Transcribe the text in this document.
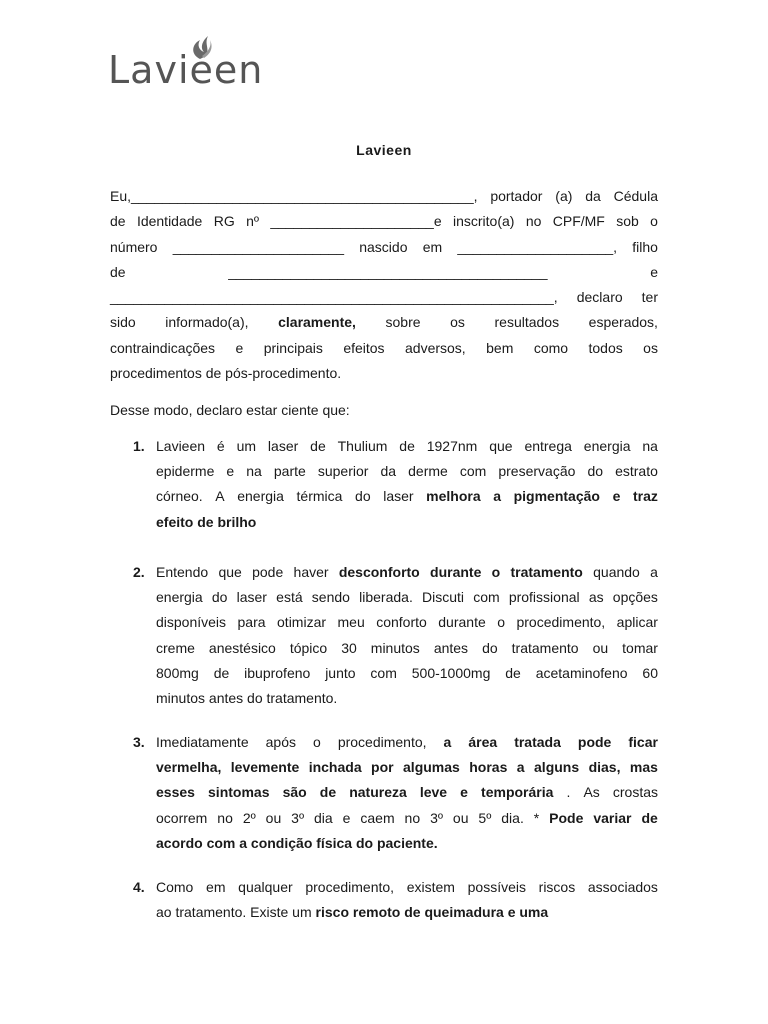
Lavieen
Lavieen
Eu,____________________________________________, portador (a) da Cédula
de Identidade RG nº _____________________e inscrito(a) no CPF/MF sob o
número ______________________ nascido em ____________________, filho
de	_________________________________________	e
_________________________________________________________, declaro ter
sido informado(a), claramente, sobre os resultados esperados,
contraindicações e principais efeitos adversos, bem como todos os
procedimentos de pós-procedimento.
Desse modo, declaro estar ciente que:
1. Lavieen é um laser de Thulium de 1927nm que entrega energia na
epiderme e na parte superior da derme com preservação do estrato
córneo. A energia térmica do laser melhora a pigmentação e traz
efeito de brilho
2. Entendo que pode haver desconforto durante o tratamento quando a
energia do laser está sendo liberada. Discuti com profissional as opções
disponíveis para otimizar meu conforto durante o procedimento, aplicar
creme anestésico tópico 30 minutos antes do tratamento ou tomar
800mg de ibuprofeno junto com 500-1000mg de acetaminofeno 60
minutos antes do tratamento.
3. Imediatamente após o procedimento, a área tratada pode ficar
vermelha, levemente inchada por algumas horas a alguns dias, mas
esses sintomas são de natureza leve e temporária . As crostas
ocorrem no 2º ou 3º dia e caem no 3º ou 5º dia. * Pode variar de
acordo com a condição física do paciente.
4. Como em qualquer procedimento, existem possíveis riscos associados
ao tratamento. Existe um risco remoto de queimadura e uma
